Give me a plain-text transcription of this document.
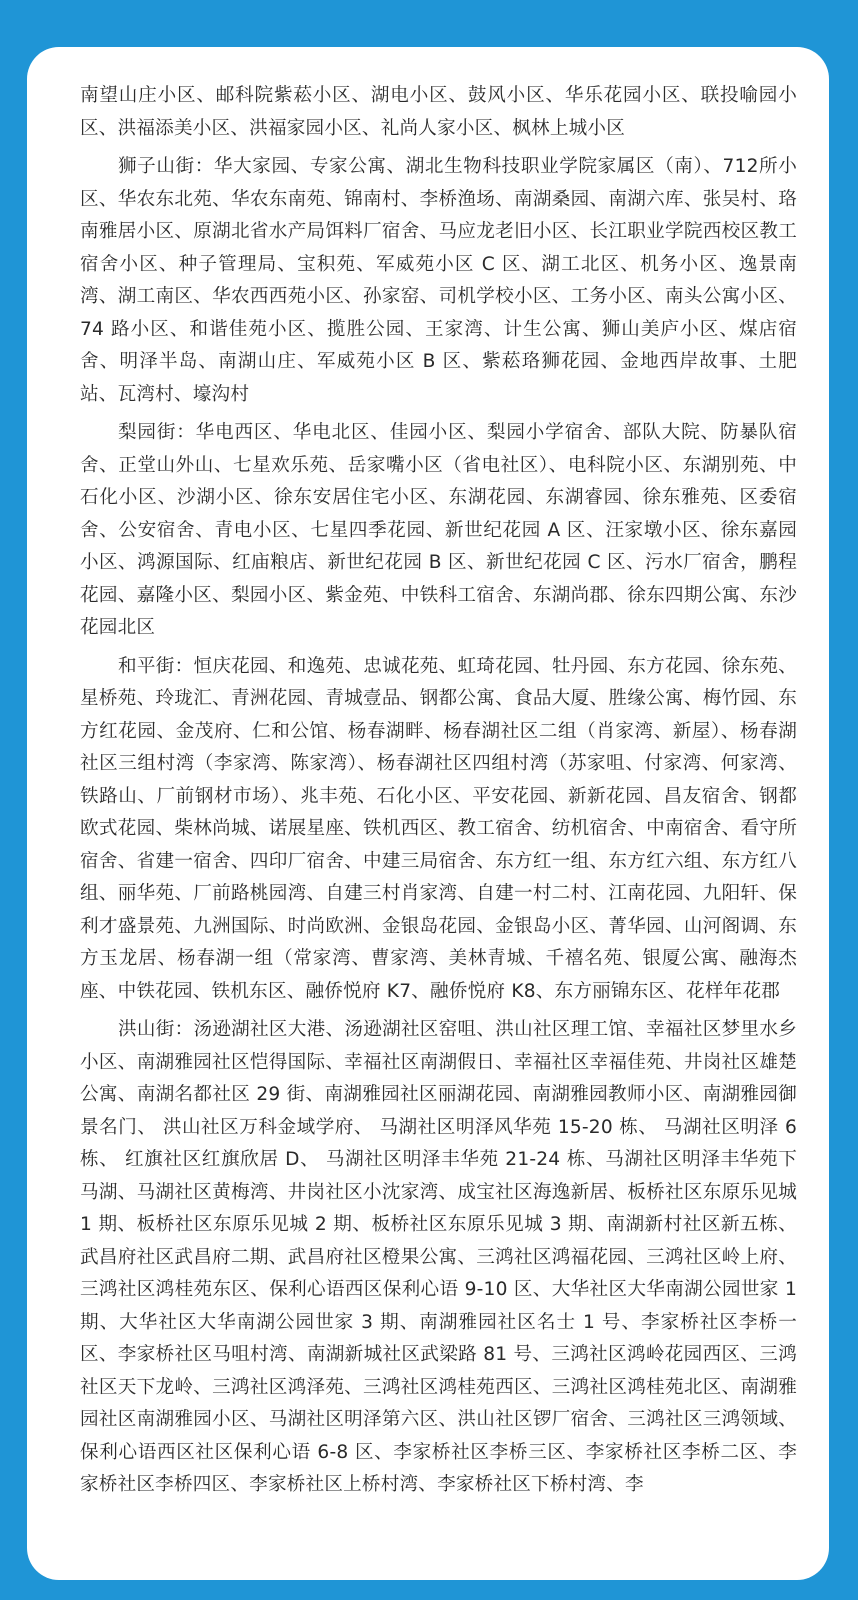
南望山庄小区、邮科院紫菘小区、湖电小区、鼓风小区、华乐花园小区、联投喻园小区、洪福添美小区、洪福家园小区、礼尚人家小区、枫林上城小区

狮子山街：华大家园、专家公寓、湖北生物科技职业学院家属区（南）、712所小区、华农东北苑、华农东南苑、锦南村、李桥渔场、南湖桑园、南湖六库、张吴村、珞南雅居小区、原湖北省水产局饵料厂宿舍、马应龙老旧小区、长江职业学院西校区教工宿舍小区、种子管理局、宝积苑、军威苑小区 C 区、湖工北区、机务小区、逸景南湾、湖工南区、华农西西苑小区、孙家窑、司机学校小区、工务小区、南头公寓小区、74 路小区、和谐佳苑小区、揽胜公园、王家湾、计生公寓、狮山美庐小区、煤店宿舍、明泽半岛、南湖山庄、军威苑小区 B 区、紫菘珞狮花园、金地西岸故事、土肥站、瓦湾村、壕沟村

梨园街：华电西区、华电北区、佳园小区、梨园小学宿舍、部队大院、防暴队宿舍、正堂山外山、七星欢乐苑、岳家嘴小区（省电社区）、电科院小区、东湖别苑、中石化小区、沙湖小区、徐东安居住宅小区、东湖花园、东湖睿园、徐东雅苑、区委宿舍、公安宿舍、青电小区、七星四季花园、新世纪花园 A 区、汪家墩小区、徐东嘉园小区、鸿源国际、红庙粮店、新世纪花园 B 区、新世纪花园 C 区、污水厂宿舍，鹏程花园、嘉隆小区、梨园小区、紫金苑、中铁科工宿舍、东湖尚郡、徐东四期公寓、东沙花园北区

和平街：恒庆花园、和逸苑、忠诚花苑、虹琦花园、牡丹园、东方花园、徐东苑、星桥苑、玲珑汇、青洲花园、青城壹品、钢都公寓、食品大厦、胜缘公寓、梅竹园、东方红花园、金茂府、仁和公馆、杨春湖畔、杨春湖社区二组（肖家湾、新屋）、杨春湖社区三组村湾（李家湾、陈家湾）、杨春湖社区四组村湾（苏家咀、付家湾、何家湾、铁路山、厂前钢材市场）、兆丰苑、石化小区、平安花园、新新花园、昌友宿舍、钢都欧式花园、柴林尚城、诺展星座、铁机西区、教工宿舍、纺机宿舍、中南宿舍、看守所宿舍、省建一宿舍、四印厂宿舍、中建三局宿舍、东方红一组、东方红六组、东方红八组、丽华苑、厂前路桃园湾、自建三村肖家湾、自建一村二村、江南花园、九阳轩、保利才盛景苑、九洲国际、时尚欧洲、金银岛花园、金银岛小区、菁华园、山河阁调、东方玉龙居、杨春湖一组（常家湾、曹家湾、美林青城、千禧名苑、银厦公寓、融海杰座、中铁花园、铁机东区、融侨悦府 K7、融侨悦府 K8、东方丽锦东区、花样年花郡

洪山街：汤逊湖社区大港、汤逊湖社区窑咀、洪山社区理工馆、幸福社区梦里水乡小区、南湖雅园社区恺得国际、幸福社区南湖假日、幸福社区幸福佳苑、井岗社区雄楚公寓、南湖名都社区 29 街、南湖雅园社区丽湖花园、南湖雅园教师小区、南湖雅园御景名门、 洪山社区万科金域学府、 马湖社区明泽风华苑 15-20 栋、 马湖社区明泽 6 栋、 红旗社区红旗欣居 D、 马湖社区明泽丰华苑 21-24 栋、马湖社区明泽丰华苑下马湖、马湖社区黄梅湾、井岗社区小沈家湾、成宝社区海逸新居、板桥社区东原乐见城 1 期、板桥社区东原乐见城 2 期、板桥社区东原乐见城 3 期、南湖新村社区新五栋、武昌府社区武昌府二期、武昌府社区橙果公寓、三鸿社区鸿福花园、三鸿社区岭上府、三鸿社区鸿桂苑东区、保利心语西区保利心语 9-10 区、大华社区大华南湖公园世家 1 期、大华社区大华南湖公园世家 3 期、南湖雅园社区名士 1 号、李家桥社区李桥一区、李家桥社区马咀村湾、南湖新城社区武梁路 81 号、三鸿社区鸿岭花园西区、三鸿社区天下龙岭、三鸿社区鸿泽苑、三鸿社区鸿桂苑西区、三鸿社区鸿桂苑北区、南湖雅园社区南湖雅园小区、马湖社区明泽第六区、洪山社区锣厂宿舍、三鸿社区三鸿领域、保利心语西区社区保利心语 6-8 区、李家桥社区李桥三区、李家桥社区李桥二区、李家桥社区李桥四区、李家桥社区上桥村湾、李家桥社区下桥村湾、李
